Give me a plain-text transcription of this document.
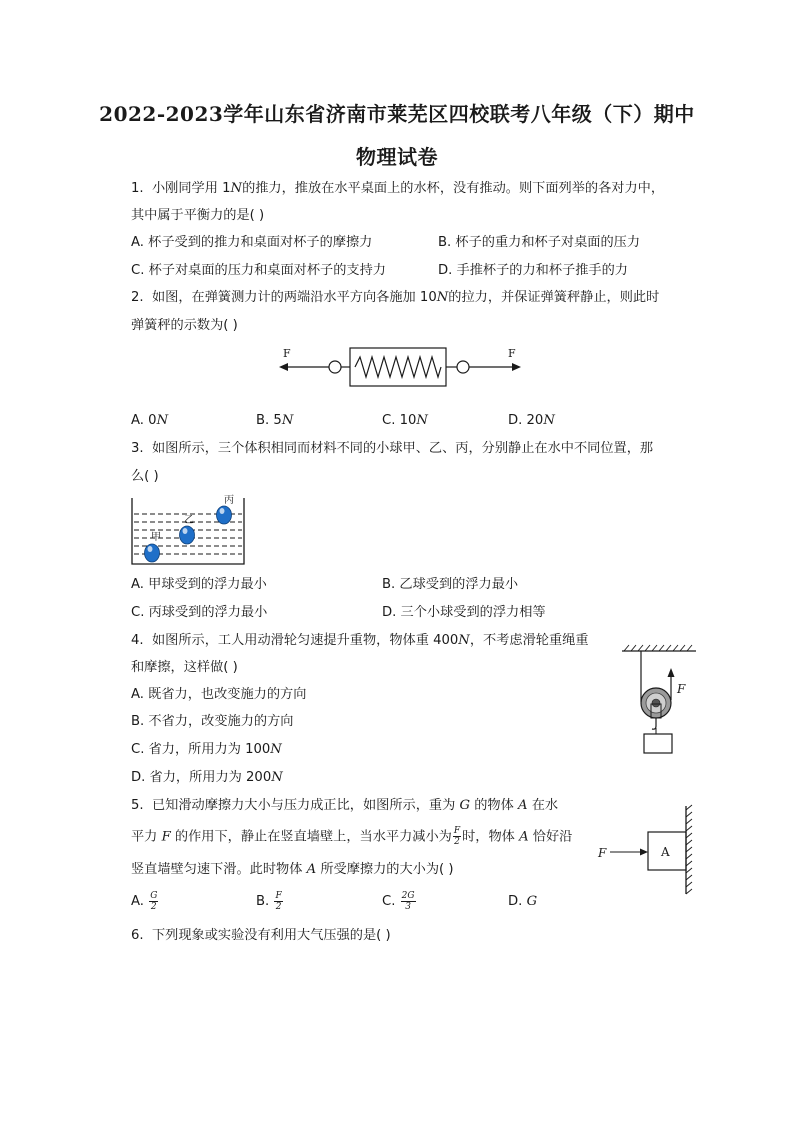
2022-2023学年山东省济南市莱芜区四校联考八年级（下）期中
物理试卷
1. 小刚同学用 1N的推力，推放在水平桌面上的水杯，没有推动。则下面列举的各对力中，
其中属于平衡力的是( )
A. 杯子受到的推力和桌面对杯子的摩擦力	B. 杯子的重力和杯子对桌面的压力
C. 杯子对桌面的压力和桌面对杯子的支持力	D. 手推杯子的力和杯子推手的力
2. 如图，在弹簧测力计的两端沿水平方向各施加 10N的拉力，并保证弹簧秤静止，则此时
弹簧秤的示数为( )
F	F
A. 0N	B. 5N	C. 10N	D. 20N
3. 如图所示，三个体积相同而材料不同的小球甲、乙、丙，分别静止在水中不同位置，那
么( )
丙
乙
甲
A. 甲球受到的浮力最小	B. 乙球受到的浮力最小
C. 丙球受到的浮力最小	D. 三个小球受到的浮力相等
4. 如图所示，工人用动滑轮匀速提升重物，物体重 400N，不考虑滑轮重绳重
和摩擦，这样做( )
A. 既省力，也改变施力的方向
B. 不省力，改变施力的方向
C. 省力，所用力为 100N
D. 省力，所用力为 200N
F
5. 已知滑动摩擦力大小与压力成正比，如图所示，重为 G 的物体 A 在水
平力 F 的作用下，静止在竖直墙壁上，当水平力减小为 $\frac{F}{2}$ 时，物体 A 恰好沿
竖直墙壁匀速下滑。此时物体 A 所受摩擦力的大小为( )
F	A
A. $\frac{G}{2}$	B. $\frac{F}{2}$	C. $\frac{2G}{3}$	D. G
6. 下列现象或实验没有利用大气压强的是( )
